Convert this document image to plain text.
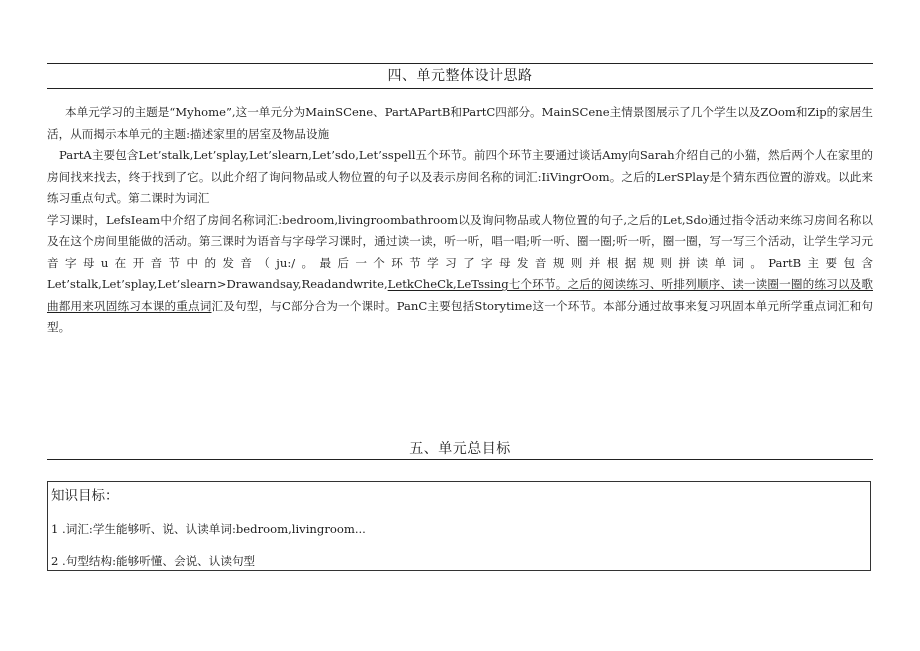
四、单元整体设计思路

本单元学习的主题是“Myhome”,这一单元分为MainSCene、PartAPartB和PartC四部分。MainSCene主情景图展示了几个学生以及ZOom和Zip的家居生活，从而揭示本单元的主题:描述家里的居室及物品设施

PartA主要包含Let’stalk,Let’splay,Let’slearn,Let’sdo,Let’sspell五个环节。前四个环节主要通过谈话Amy向Sarah介绍自己的小猫，然后两个人在家里的房间找来找去，终于找到了它。以此介绍了询问物品或人物位置的句子以及表示房间名称的词汇:IiVingrOom。之后的LerSPlay是个猜东西位置的游戏。以此来练习重点句式。第二课时为词汇

学习课时，LefsIeam中介绍了房间名称词汇:bedroom,livingroombathroom以及询问物品或人物位置的句子,之后的Let,Sdo通过指令活动来练习房间名称以及在这个房间里能做的活动。第三课时为语音与字母学习课时，通过读一读，听一听，唱一唱;听一听、圈一圈;听一听，圈一圈，写一写三个活动，让学生学习元音字母u在开音节中的发音（ju:/。最后一个环节学习了字母发音规则并根据规则拼读单词。PartB主要包含Let’stalk,Let’splay,Let’slearn>Drawandsay,Readandwrite,LetkCheCk,LeTssing七个环节。之后的阅读练习、听排列顺序、读一读圈一圈的练习以及歌曲都用来巩固练习本课的重点词汇及句型，与C部分合为一个课时。PanC主要包括Storytime这一个环节。本部分通过故事来复习巩固本单元所学重点词汇和句型。

五、单元总目标
知识目标：
1 .词汇:学生能够听、说、认读单词:bedroom,livingroom...
2 .句型结构:能够听懂、会说、认读句型
